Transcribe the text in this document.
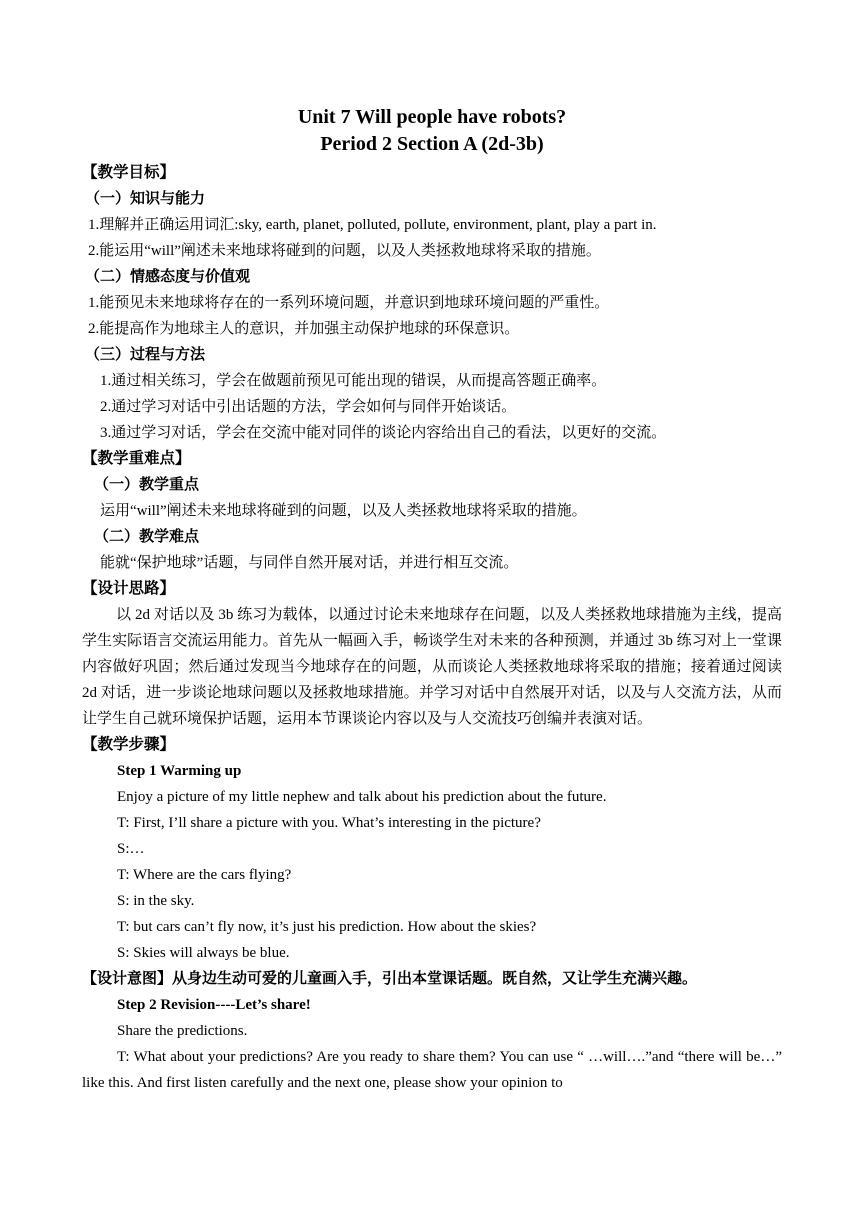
Unit 7 Will people have robots?
Period 2 Section A (2d-3b)
【教学目标】
（一）知识与能力
1.理解并正确运用词汇:sky, earth, planet, polluted, pollute, environment, plant, play a part in.
2.能运用“will”阐述未来地球将碰到的问题，以及人类拯救地球将采取的措施。
（二）情感态度与价值观
1.能预见未来地球将存在的一系列环境问题，并意识到地球环境问题的严重性。
2.能提高作为地球主人的意识，并加强主动保护地球的环保意识。
（三）过程与方法
1.通过相关练习，学会在做题前预见可能出现的错误，从而提高答题正确率。
2.通过学习对话中引出话题的方法，学会如何与同伴开始谈话。
3.通过学习对话，学会在交流中能对同伴的谈论内容给出自己的看法，以更好的交流。
【教学重难点】
（一）教学重点
运用“will”阐述未来地球将碰到的问题，以及人类拯救地球将采取的措施。
（二）教学难点
能就“保护地球”话题，与同伴自然开展对话，并进行相互交流。
【设计思路】

以 2d 对话以及 3b 练习为载体，以通过讨论未来地球存在问题，以及人类拯救地球措施为主线，提高学生实际语言交流运用能力。首先从一幅画入手，畅谈学生对未来的各种预测，并通过 3b 练习对上一堂课内容做好巩固；然后通过发现当今地球存在的问题，从而谈论人类拯救地球将采取的措施；接着通过阅读 2d 对话，进一步谈论地球问题以及拯救地球措施。并学习对话中自然展开对话，以及与人交流方法，从而让学生自己就环境保护话题，运用本节课谈论内容以及与人交流技巧创编并表演对话。

【教学步骤】
Step 1 Warming up
Enjoy a picture of my little nephew and talk about his prediction about the future.
T: First, I’ll share a picture with you. What’s interesting in the picture?
S:…
T: Where are the cars flying?
S: in the sky.
T: but cars can’t fly now, it’s just his prediction. How about the skies?
S: Skies will always be blue.
【设计意图】从身边生动可爱的儿童画入手，引出本堂课话题。既自然，又让学生充满兴趣。
Step 2 Revision----Let’s share!
Share the predictions.
T: What about your predictions? Are you ready to share them? You can use “ …will….”and “there will be…” like this. And first listen carefully and the next one, please show your opinion to
